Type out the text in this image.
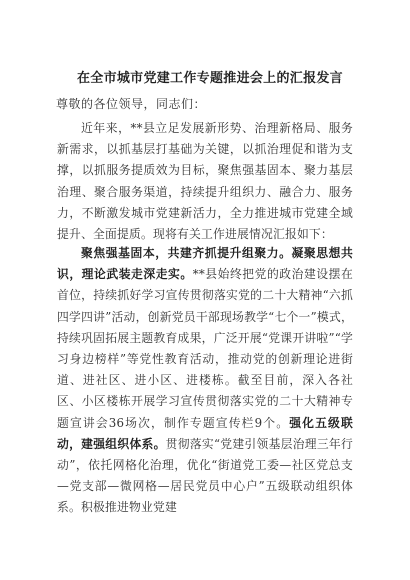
在全市城市党建工作专题推进会上的汇报发言
尊敬的各位领导，同志们：
近年来，**县立足发展新形势、治理新格局、服务新需求，以抓基层打基础为关键，以抓治理促和谐为支撑，以抓服务提质效为目标，聚焦强基固本、聚力基层治理、聚合服务渠道，持续提升组织力、融合力、服务力，不断激发城市党建新活力，全力推进城市党建全域提升、全面提质。现将有关工作进展情况汇报如下：
聚焦强基固本，共建齐抓提升组聚力。凝聚思想共识，理论武装走深走实。**县始终把党的政治建设摆在首位，持续抓好学习宣传贯彻落实党的二十大精神“六抓四学四讲”活动，创新党员干部现场教学“七个一”模式，持续巩固拓展主题教育成果，广泛开展“党课开讲啦”“学习身边榜样”等党性教育活动，推动党的创新理论进街道、进社区、进小区、进楼栋。截至目前，深入各社区、小区楼栋开展学习宣传贯彻落实党的二十大精神专题宣讲会36场次，制作专题宣传栏9个。强化五级联动，建强组织体系。贯彻落实“党建引领基层治理三年行动”，依托网格化治理，优化“街道党工委—社区党总支—党支部—微网格—居民党员中心户”五级联动组织体系。积极推进物业党建
